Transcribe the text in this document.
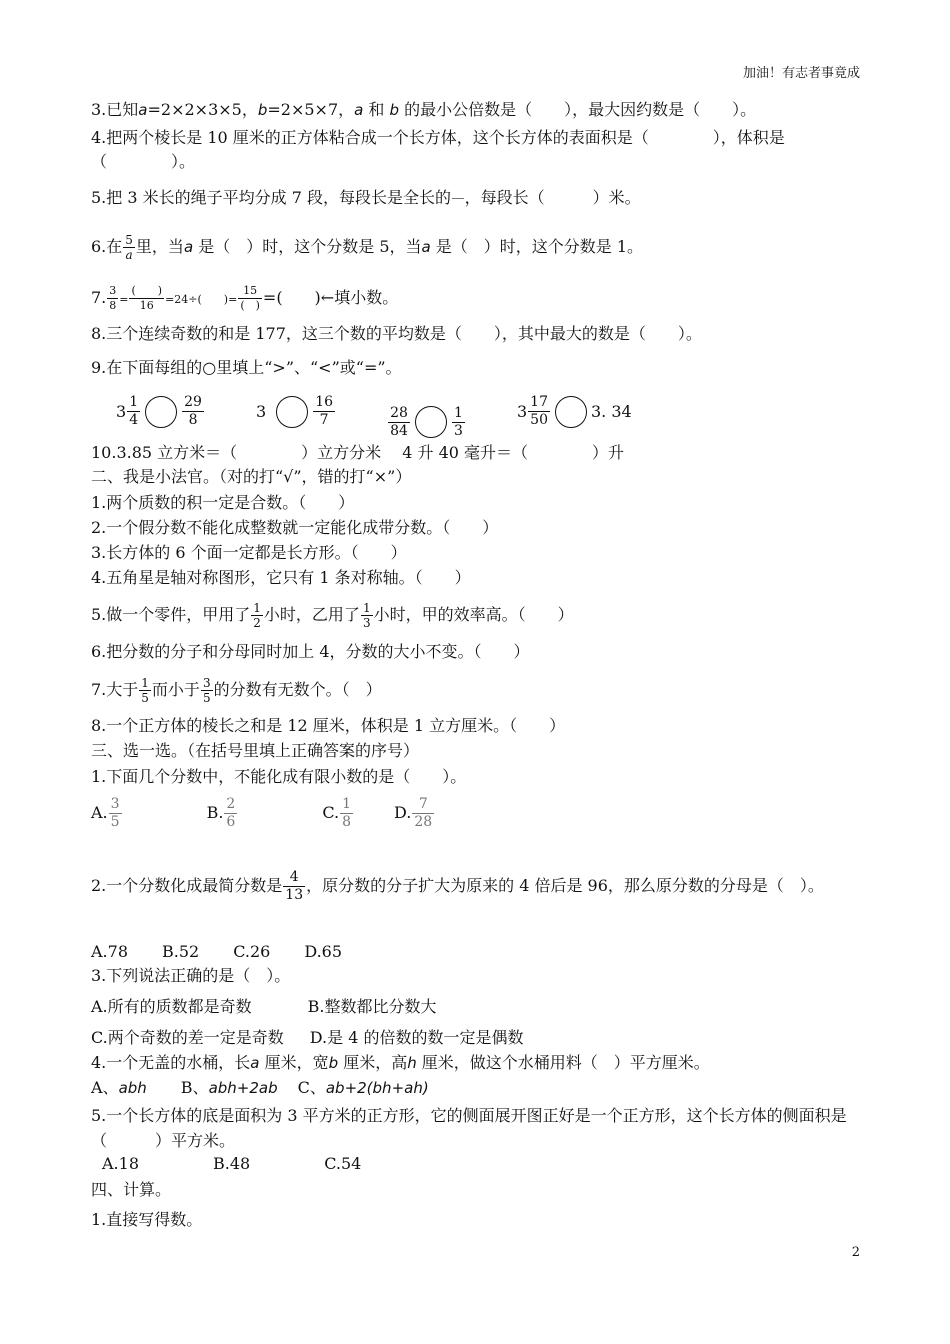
加油！有志者事竟成
3.已知a=2×2×3×5，b=2×5×7，a 和 b 的最小公倍数是（　　），最大因约数是（　　）。
4.把两个棱长是 10 厘米的正方体粘合成一个长方体，这个长方体的表面积是（　　　　），体积是（　　　　）。
5.把 3 米长的绳子平均分成 7 段，每段长是全长的

，每段长（　　　）米。
6.在 $\frac{5}{a}$ 里，当a 是（　）时，这个分数是 5，当a 是（　）时，这个分数是 1。
7. $\frac{3}{8}$ =
(　　)
16	=24÷(　　)=
15
(　) =(　　)←填小数。
8.三个连续奇数的和是 177，这三个数的平均数是（　　），其中最大的数是（　　）。
9.在下面每组的○里填上“>”、“<”或“=”。
$3 \frac{1}{4}$	$\frac{29}{8}$
	3	$\frac{16}{7}$
	$\frac{28}{84}$	$\frac{1}{3}$
	$3 \frac{17}{50}$	3. 34
10.3.85 立方米＝（　　　　）立方分米　 4 升 40 毫升＝（　　　　）升
二、我是小法官。（对的打“√”，错的打“×”）
1.两个质数的积一定是合数。（　　）
2.一个假分数不能化成整数就一定能化成带分数。（　　）
3.长方体的 6 个面一定都是长方形。（　　）
4.五角星是轴对称图形，它只有 1 条对称轴。（　　）
5.做一个零件，甲用了 $\frac{1}{2}$ 小时，乙用了 $\frac{1}{3}$ 小时，甲的效率高。（　　）
6.把分数的分子和分母同时加上 4，分数的大小不变。（　　）
7.大于 $\frac{1}{5}$ 而小于 $\frac{3}{5}$ 的分数有无数个。（　）
8.一个正方体的棱长之和是 12 厘米，体积是 1 立方厘米。（　　）
三、选一选。（在括号里填上正确答案的序号）
1.下面几个分数中，不能化成有限小数的是（　　）。
A. $\frac{3}{5}$	B. $\frac{2}{6}$	C. $\frac{1}{8}$	D. $\frac{7}{28}$
2.一个分数化成最简分数是 $\frac{4}{13}$ ，原分数的分子扩大为原来的 4 倍后是 96，那么原分数的分母是（　）。
A.78 B.52 C.26 D.65
3.下列说法正确的是（　）。
A.所有的质数都是奇数	B.整数都比分数大
C.两个奇数的差一定是奇数 D.是 4 的倍数的数一定是偶数
4.一个无盖的水桶，长a 厘米，宽b 厘米，高h 厘米，做这个水桶用料（　）平方厘米。
A、abh B、abh+2ab C、ab+2(bh+ah)
5.一个长方体的底是面积为 3 平方米的正方形，它的侧面展开图正好是一个正方形，这个长方体的侧面积是（　　　）平方米。
A.18	B.48	C.54
四、计算。
1.直接写得数。
2
